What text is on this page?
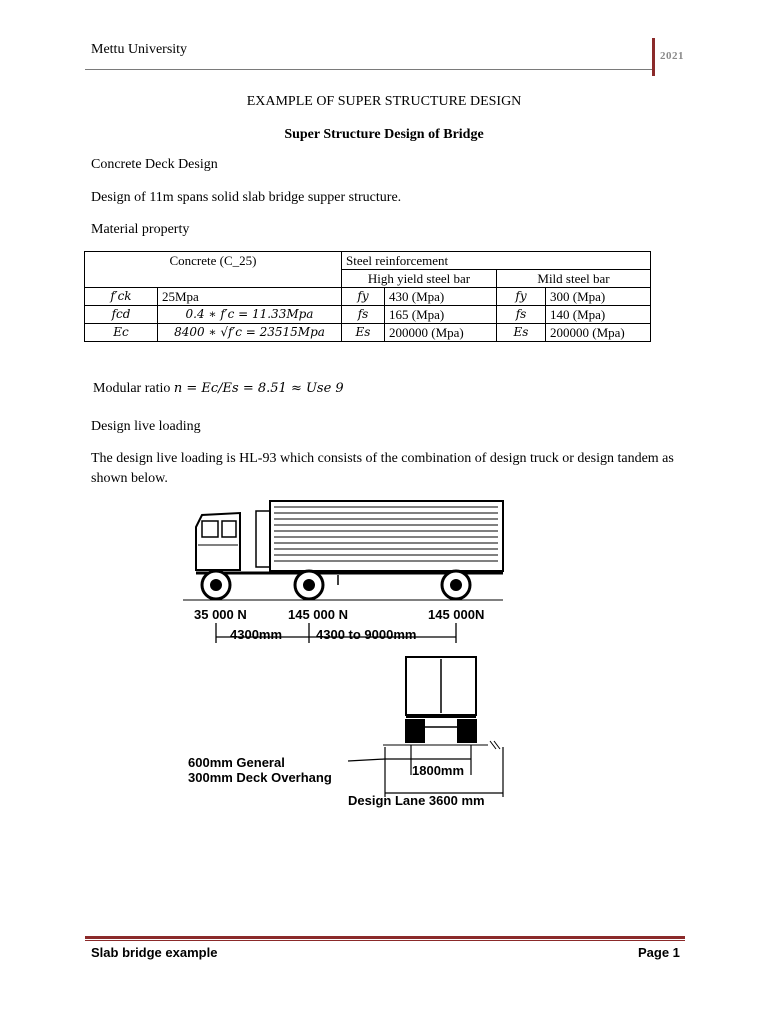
Mettu University	2021
EXAMPLE OF SUPER STRUCTURE DESIGN
Super Structure Design of Bridge
Concrete Deck Design
Design of 11m spans solid slab bridge supper structure.
Material property
Concrete (C_25)		Steel reinforcement			
		High yield steel bar		Mild steel bar	
f′ck	25Mpa	fy	430 (Mpa)	fy	300 (Mpa)
fcd	0.4 ∗ f′c = 11.33Mpa	fs	165 (Mpa)	fs	140 (Mpa)
Ec	8400 ∗ √f′c = 23515Mpa	Es	200000 (Mpa)	Es	200000 (Mpa)
Modular ratio n = Ec/Es = 8.51 ≈ Use 9
Design live loading
The design live loading is HL-93 which consists of the combination of design truck or design tandem as shown below.
35 000 N	145 000 N	145 000N
4300mm	4300 to 9000mm
600mm General
300mm Deck Overhang	1800mm
Design Lane 3600 mm
Slab bridge example	Page 1
